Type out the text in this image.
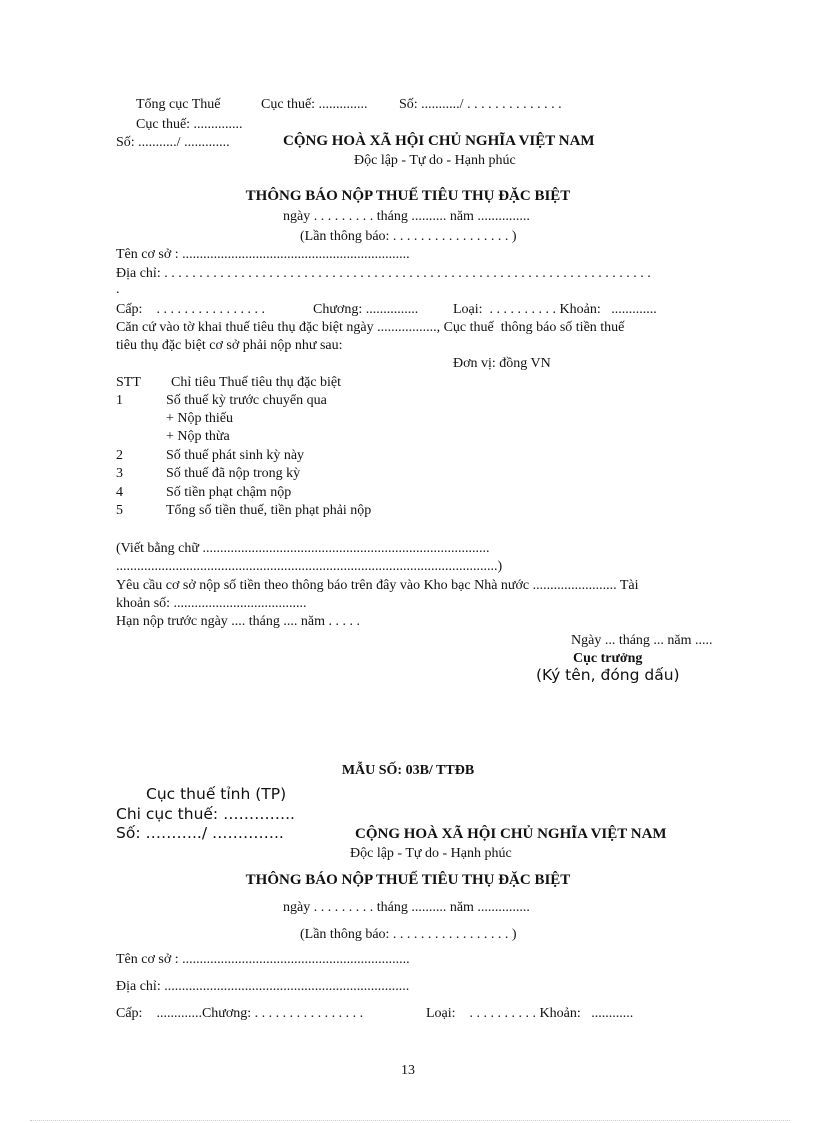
Tổng cục Thuế	Cục thuế: .............. Số: .........../ . . . . . . . . . . . . . .
Cục thuế: ..............
Số: .........../ .............	CỘNG HOÀ XÃ HỘI CHỦ NGHĨA VIỆT NAM
Độc lập - Tự do - Hạnh phúc
THÔNG BÁO NỘP THUẾ TIÊU THỤ ĐẶC BIỆT
ngày . . . . . . . . . tháng .......... năm ...............
(Lần thông báo: . . . . . . . . . . . . . . . . . )
Tên cơ sở : .................................................................
Địa chỉ: . . . . . . . . . . . . . . . . . . . . . . . . . . . . . . . . . . . . . . . . . . . . . . . . . . . . . . . . . . . . . . . . . . . . . .
.
Cấp:    . . . . . . . . . . . . . . . .	Chương: ............... Loại:  . . . . . . . . . . Khoản:   .............
Căn cứ vào tờ khai thuế tiêu thụ đặc biệt ngày ................., Cục thuế  thông báo số tiền thuế
tiêu thụ đặc biệt cơ sở phải nộp như sau:
Đơn vị: đồng VN
STT Chỉ tiêu Thuế tiêu thụ đặc biệt
1	Số thuế kỳ trước chuyển qua
+ Nộp thiếu
+ Nộp thừa
2	Số thuế phát sinh kỳ này
3	Số thuế đã nộp trong kỳ
4	Số tiền phạt chậm nộp
5	Tổng số tiền thuế, tiền phạt phải nộp
(Viết bằng chữ ..................................................................................
.............................................................................................................)
Yêu cầu cơ sở nộp số tiền theo thông báo trên đây vào Kho bạc Nhà nước ........................ Tài
khoản số: ......................................
Hạn nộp trước ngày .... tháng .... năm . . . . .
Ngày ... tháng ... năm .....
Cục trưởng
(Ký tên, đóng dấu)
MẪU SỐ: 03B/ TTĐB
Cục thuế tỉnh (TP)
Chi cục thuế: …………..
Số: ………../ …………..	CỘNG HOÀ XÃ HỘI CHỦ NGHĨA VIỆT NAM
Độc lập - Tự do - Hạnh phúc
THÔNG BÁO NỘP THUẾ TIÊU THỤ ĐẶC BIỆT
ngày . . . . . . . . . tháng .......... năm ...............
(Lần thông báo: . . . . . . . . . . . . . . . . . )
Tên cơ sở : .................................................................
Địa chỉ: ......................................................................
Cấp:    .............Chương: . . . . . . . . . . . . . . . .	Loại:    . . . . . . . . . . Khoản:   ............
13
